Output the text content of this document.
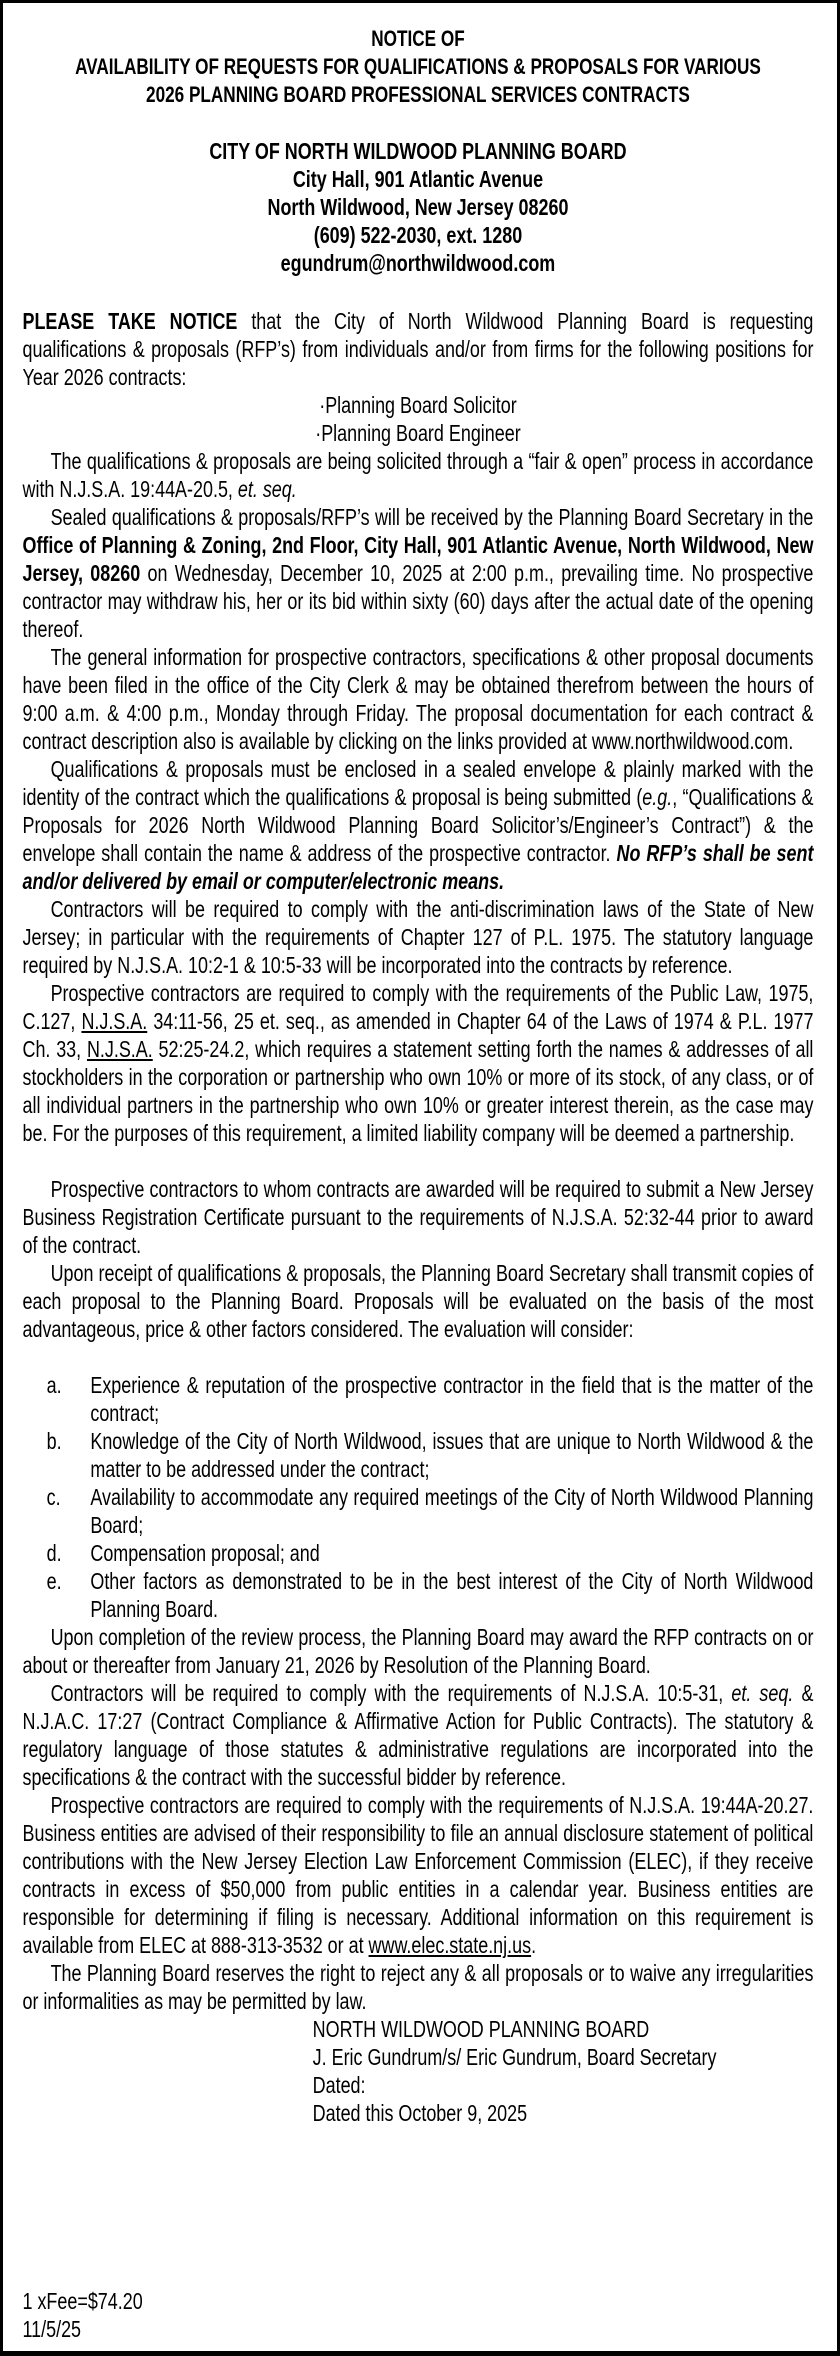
NOTICE OF
AVAILABILITY OF REQUESTS FOR QUALIFICATIONS & PROPOSALS FOR VARIOUS
2026 PLANNING BOARD PROFESSIONAL SERVICES CONTRACTS
CITY OF NORTH WILDWOOD PLANNING BOARD
City Hall, 901 Atlantic Avenue
North Wildwood, New Jersey 08260
(609) 522-2030, ext. 1280
egundrum@northwildwood.com
PLEASE TAKE NOTICE that the City of North Wildwood Planning Board is requesting qualifications & proposals (RFP’s) from individuals and/or from firms for the following positions for Year 2026 contracts:
·Planning Board Solicitor
·Planning Board Engineer
The qualifications & proposals are being solicited through a “fair & open” process in accordance with N.J.S.A. 19:44A-20.5, et. seq.
Sealed qualifications & proposals/RFP’s will be received by the Planning Board Secretary in the Office of Planning & Zoning, 2nd Floor, City Hall, 901 Atlantic Avenue, North Wildwood, New Jersey, 08260 on Wednesday, December 10, 2025 at 2:00 p.m., prevailing time. No prospective contractor may withdraw his, her or its bid within sixty (60) days after the actual date of the opening thereof.
The general information for prospective contractors, specifications & other proposal documents have been filed in the office of the City Clerk & may be obtained therefrom between the hours of 9:00 a.m. & 4:00 p.m., Monday through Friday. The proposal documentation for each contract & contract description also is available by clicking on the links provided at www.northwildwood.com.
Qualifications & proposals must be enclosed in a sealed envelope & plainly marked with the identity of the contract which the qualifications & proposal is being submitted (e.g., “Qualifications & Proposals for 2026 North Wildwood Planning Board Solicitor’s/Engineer’s Contract”) & the envelope shall contain the name & address of the prospective contractor. No RFP’s shall be sent and/or delivered by email or computer/electronic means.
Contractors will be required to comply with the anti-discrimination laws of the State of New Jersey; in particular with the requirements of Chapter 127 of P.L. 1975. The statutory language required by N.J.S.A. 10:2-1 & 10:5-33 will be incorporated into the contracts by reference.
Prospective contractors are required to comply with the requirements of the Public Law, 1975, C.127, N.J.S.A. 34:11-56, 25 et. seq., as amended in Chapter 64 of the Laws of 1974 & P.L. 1977 Ch. 33, N.J.S.A. 52:25-24.2, which requires a statement setting forth the names & addresses of all stockholders in the corporation or partnership who own 10% or more of its stock, of any class, or of all individual partners in the partnership who own 10% or greater interest therein, as the case may be. For the purposes of this requirement, a limited liability company will be deemed a partnership.
Prospective contractors to whom contracts are awarded will be required to submit a New Jersey Business Registration Certificate pursuant to the requirements of N.J.S.A. 52:32-44 prior to award of the contract.
Upon receipt of qualifications & proposals, the Planning Board Secretary shall transmit copies of each proposal to the Planning Board. Proposals will be evaluated on the basis of the most advantageous, price & other factors considered. The evaluation will consider:
a. Experience & reputation of the prospective contractor in the field that is the matter of the contract;
b. Knowledge of the City of North Wildwood, issues that are unique to North Wildwood & the matter to be addressed under the contract;
c. Availability to accommodate any required meetings of the City of North Wildwood Planning Board;
d. Compensation proposal; and
e. Other factors as demonstrated to be in the best interest of the City of North Wildwood Planning Board.
Upon completion of the review process, the Planning Board may award the RFP contracts on or about or thereafter from January 21, 2026 by Resolution of the Planning Board.
Contractors will be required to comply with the requirements of N.J.S.A. 10:5-31, et. seq. & N.J.A.C. 17:27 (Contract Compliance & Affirmative Action for Public Contracts). The statutory & regulatory language of those statutes & administrative regulations are incorporated into the specifications & the contract with the successful bidder by reference.
Prospective contractors are required to comply with the requirements of N.J.S.A. 19:44A-20.27. Business entities are advised of their responsibility to file an annual disclosure statement of political contributions with the New Jersey Election Law Enforcement Commission (ELEC), if they receive contracts in excess of $50,000 from public entities in a calendar year. Business entities are responsible for determining if filing is necessary. Additional information on this requirement is available from ELEC at 888-313-3532 or at www.elec.state.nj.us.
The Planning Board reserves the right to reject any & all proposals or to waive any irregularities or informalities as may be permitted by law.
NORTH WILDWOOD PLANNING BOARD
J. Eric Gundrum/s/ Eric Gundrum, Board Secretary
Dated:
Dated this October 9, 2025
1 xFee=$74.20
11/5/25
